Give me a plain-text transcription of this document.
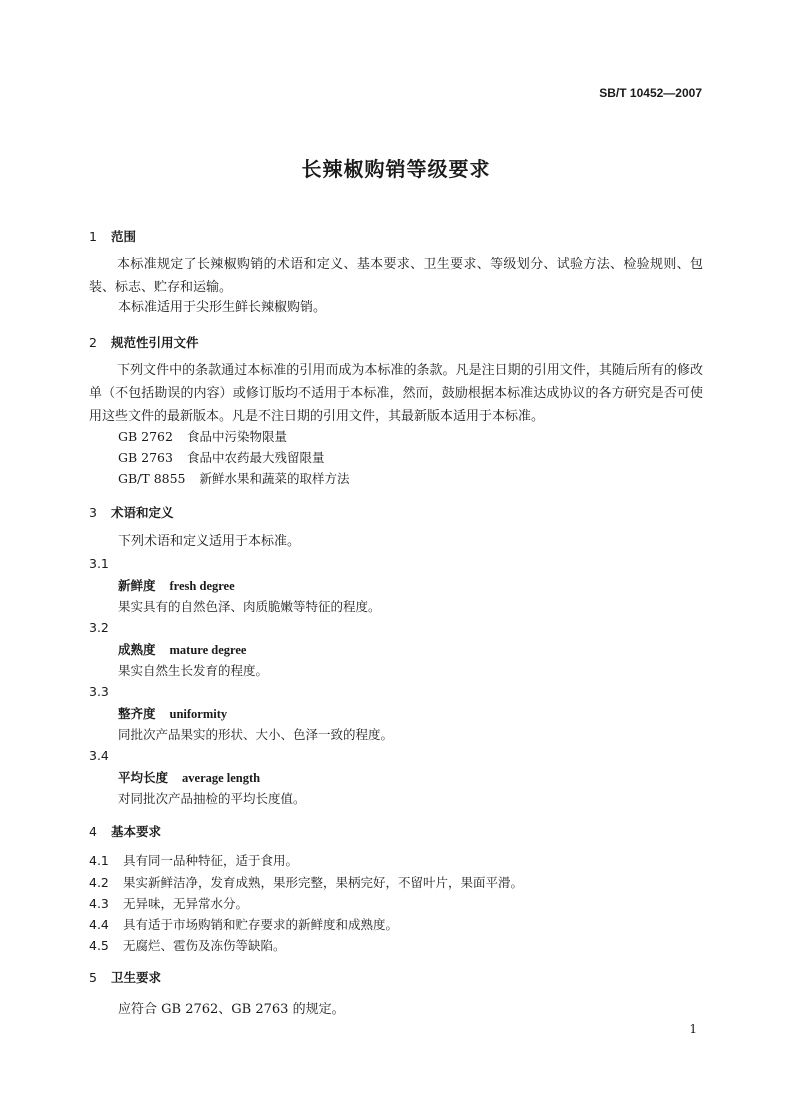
SB/T 10452—2007
长辣椒购销等级要求
1 范围
本标准规定了长辣椒购销的术语和定义、基本要求、卫生要求、等级划分、试验方法、检验规则、包装、标志、贮存和运输。
本标准适用于尖形生鲜长辣椒购销。
2 规范性引用文件
下列文件中的条款通过本标准的引用而成为本标准的条款。凡是注日期的引用文件，其随后所有的修改单（不包括勘误的内容）或修订版均不适用于本标准，然而，鼓励根据本标准达成协议的各方研究是否可使用这些文件的最新版本。凡是不注日期的引用文件，其最新版本适用于本标准。
GB 2762 食品中污染物限量
GB 2763 食品中农药最大残留限量
GB/T 8855 新鲜水果和蔬菜的取样方法
3 术语和定义
下列术语和定义适用于本标准。
3.1
新鲜度 fresh degree
果实具有的自然色泽、肉质脆嫩等特征的程度。
3.2
成熟度 mature degree
果实自然生长发育的程度。
3.3
整齐度 uniformity
同批次产品果实的形状、大小、色泽一致的程度。
3.4
平均长度 average length
对同批次产品抽检的平均长度值。
4 基本要求
4.1 具有同一品种特征，适于食用。
4.2 果实新鲜洁净，发育成熟，果形完整，果柄完好，不留叶片，果面平滑。
4.3 无异味，无异常水分。
4.4 具有适于市场购销和贮存要求的新鲜度和成熟度。
4.5 无腐烂、雹伤及冻伤等缺陷。
5 卫生要求
应符合 GB 2762、GB 2763 的规定。
1
